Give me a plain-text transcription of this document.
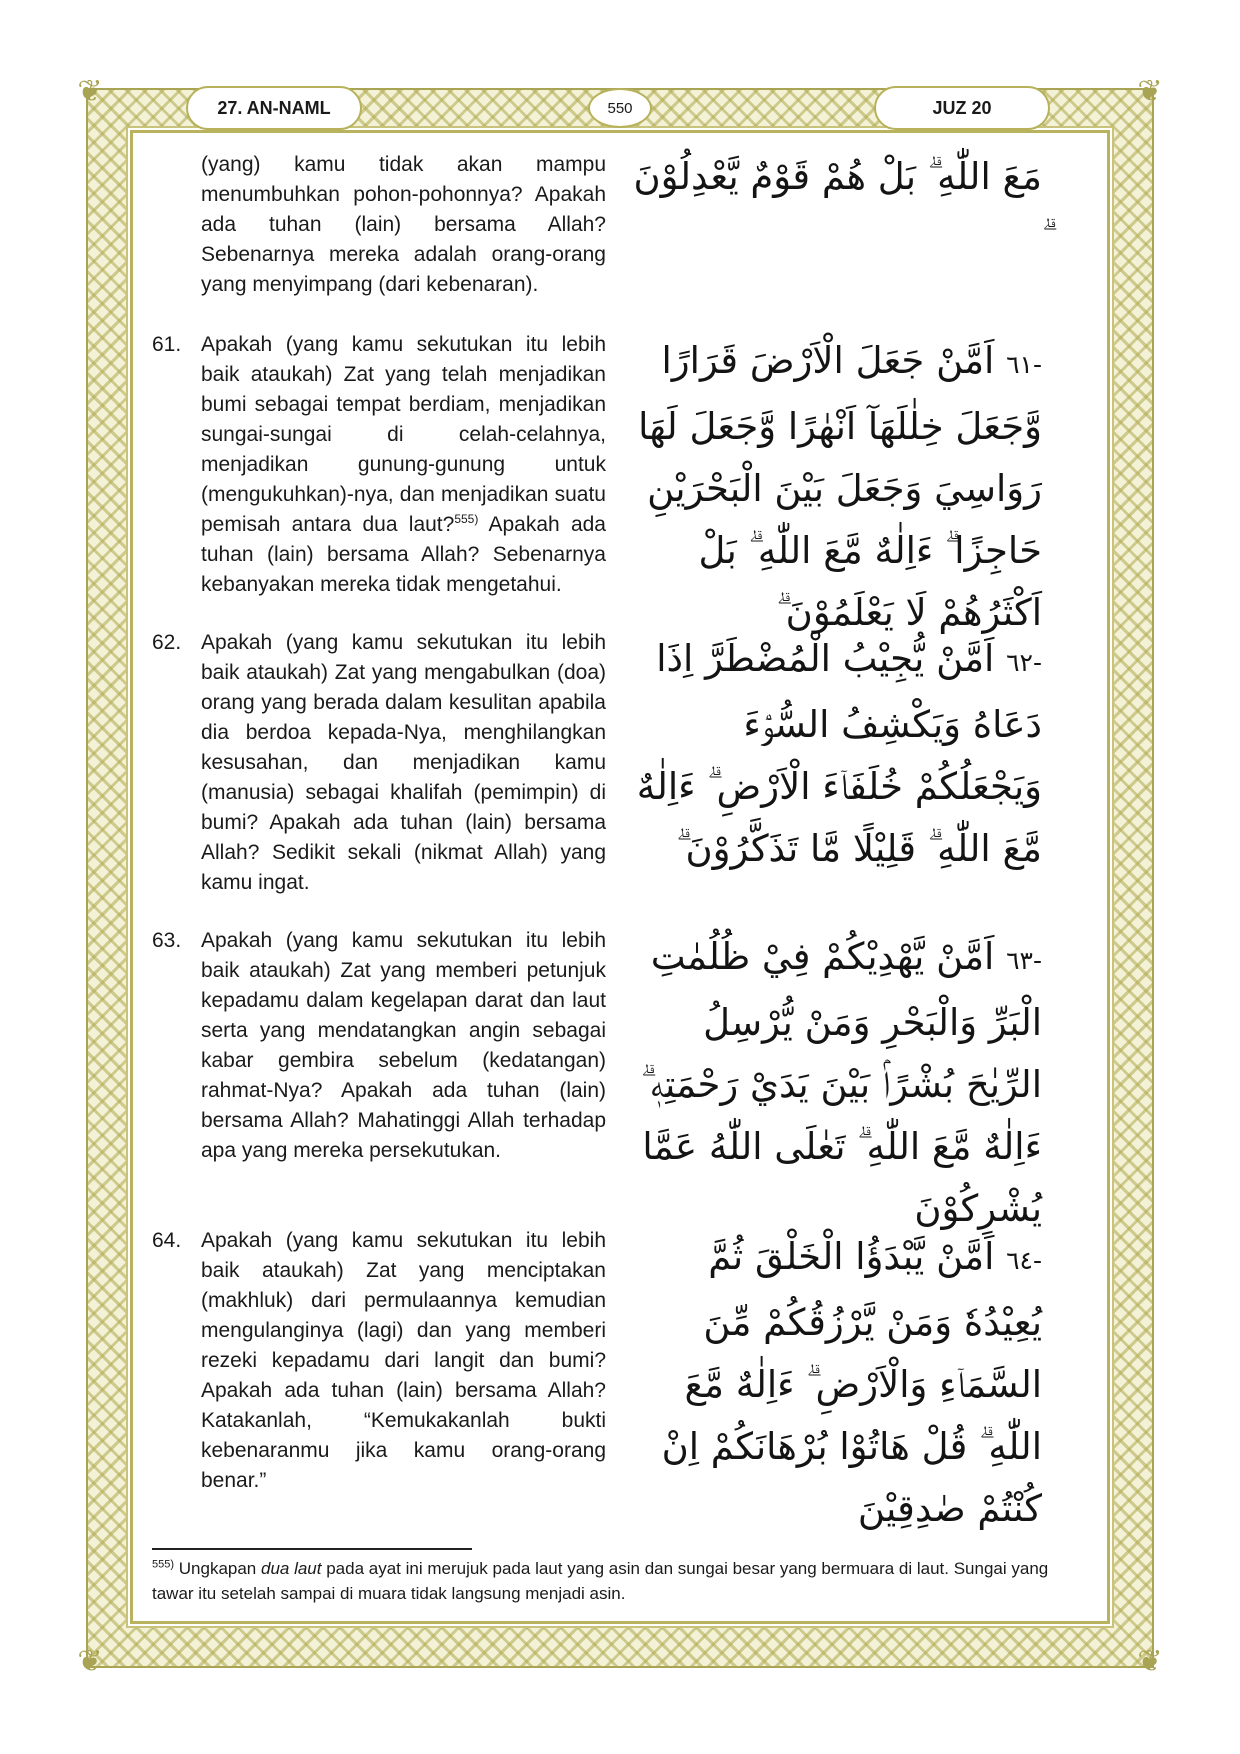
❦	❦
❦	❦
27. AN-NAML	550	JUZ 20
مَعَ اللّٰهِ ۗ بَلْ هُمْ قَوْمٌ يَّعْدِلُوْنَ
(yang) kamu tidak akan mampu menumbuhkan pohon-pohonnya? Apakah ada tuhan (lain) bersama Allah? Sebenarnya mereka adalah orang-orang yang menyimpang (dari kebenaran).
-٦١ اَمَّنْ جَعَلَ الْاَرْضَ قَرَارًا وَّجَعَلَ خِلٰلَهَآ اَنْهٰرًا وَّجَعَلَ لَهَا رَوَاسِيَ وَجَعَلَ بَيْنَ الْبَحْرَيْنِ حَاجِزًا ۗ ءَاِلٰهٌ مَّعَ اللّٰهِ ۗ بَلْ اَكْثَرُهُمْ لَا يَعْلَمُوْنَ ۗ
61. Apakah (yang kamu sekutukan itu lebih baik ataukah) Zat yang telah menjadikan bumi sebagai tempat berdiam, menjadikan sungai-sungai di celah-celahnya, menjadikan gunung-gunung untuk (mengukuhkan)-nya, dan menjadikan suatu pemisah antara dua laut?$^{555)}$ Apakah ada tuhan (lain) bersama Allah? Sebenarnya kebanyakan mereka tidak mengetahui.
-٦٢ اَمَّنْ يُّجِيْبُ الْمُضْطَرَّ اِذَا دَعَاهُ وَيَكْشِفُ السُّوْۤءَ وَيَجْعَلُكُمْ خُلَفَاۤءَ الْاَرْضِ ۗ ءَاِلٰهٌ مَّعَ اللّٰهِ ۗ قَلِيْلًا مَّا تَذَكَّرُوْنَ ۗ
62. Apakah (yang kamu sekutukan itu lebih baik ataukah) Zat yang mengabulkan (doa) orang yang berada dalam kesulitan apabila dia berdoa kepada-Nya, menghilangkan kesusahan, dan menjadikan kamu (manusia) sebagai khalifah (pemimpin) di bumi? Apakah ada tuhan (lain) bersama Allah? Sedikit sekali (nikmat Allah) yang kamu ingat.
-٦٣ اَمَّنْ يَّهْدِيْكُمْ فِيْ ظُلُمٰتِ الْبَرِّ وَالْبَحْرِ وَمَنْ يُّرْسِلُ الرِّيٰحَ بُشْرًاۢ بَيْنَ يَدَيْ رَحْمَتِهٖ ۗ ءَاِلٰهٌ مَّعَ اللّٰهِ ۗ تَعٰلَى اللّٰهُ عَمَّا يُشْرِكُوْنَ
63. Apakah (yang kamu sekutukan itu lebih baik ataukah) Zat yang memberi petunjuk kepadamu dalam kegelapan darat dan laut serta yang mendatangkan angin sebagai kabar gembira sebelum (kedatangan) rahmat-Nya? Apakah ada tuhan (lain) bersama Allah? Mahatinggi Allah terhadap apa yang mereka persekutukan.
-٦٤ اَمَّنْ يَّبْدَؤُا الْخَلْقَ ثُمَّ يُعِيْدُهٗ وَمَنْ يَّرْزُقُكُمْ مِّنَ السَّمَاۤءِ وَالْاَرْضِ ۗ ءَاِلٰهٌ مَّعَ اللّٰهِ ۗ قُلْ هَاتُوْا بُرْهَانَكُمْ اِنْ كُنْتُمْ صٰدِقِيْنَ
64. Apakah (yang kamu sekutukan itu lebih baik ataukah) Zat yang menciptakan (makhluk) dari permulaannya kemudian mengulanginya (lagi) dan yang memberi rezeki kepadamu dari langit dan bumi? Apakah ada tuhan (lain) bersama Allah? Katakanlah, “Kemukakanlah bukti kebenaranmu jika kamu orang-orang benar.”
$^{555)}$ Ungkapan dua laut pada ayat ini merujuk pada laut yang asin dan sungai besar yang bermuara di laut. Sungai yang tawar itu setelah sampai di muara tidak langsung menjadi asin.
